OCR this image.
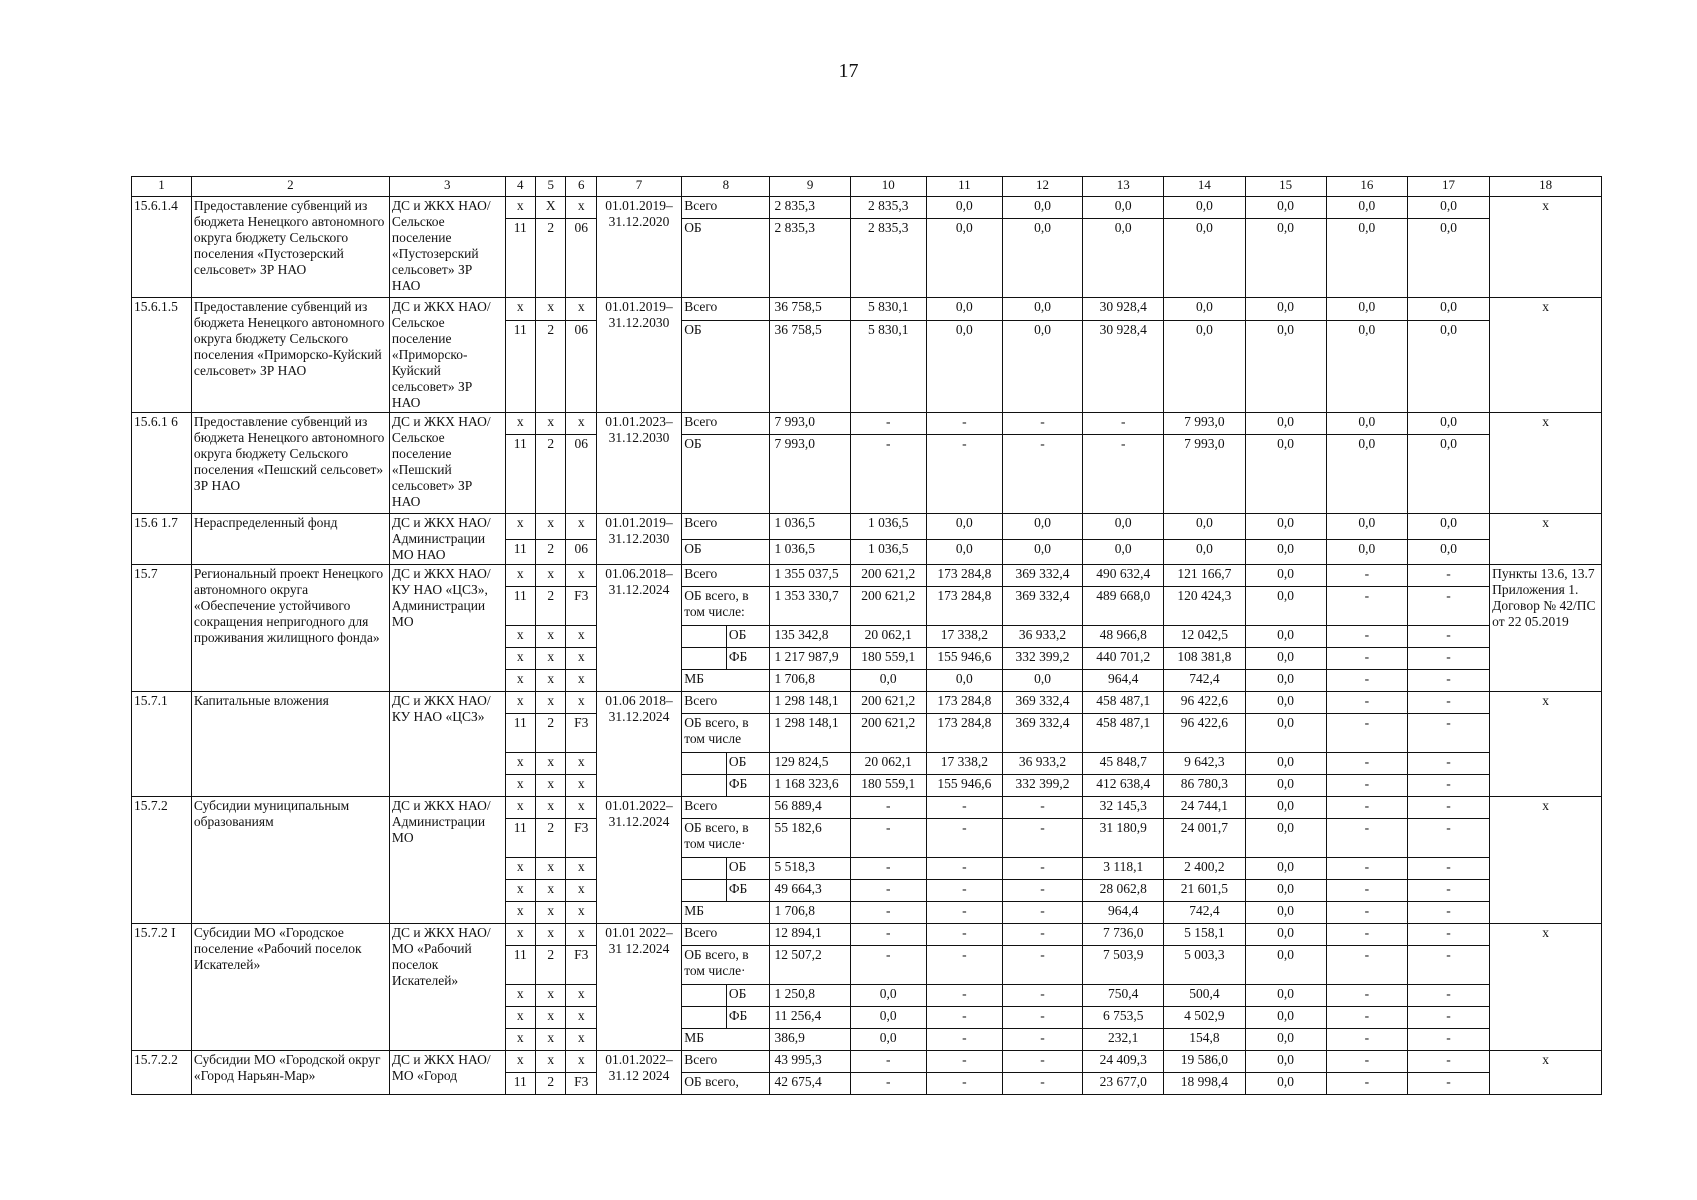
17
1	2	3	4	5	6	7	8		9	10	11	12	13	14	15	16	17	18
15.6.1.4	Предоставление субвенций из бюджета Ненецкого автономного округа бюджету Сельского поселения «Пустозерский сельсовет» ЗР НАО	ДС и ЖКХ НАО/ Сельское поселение «Пустозерский сельсовет» ЗР НАО	x	X	x	01.01.2019– 31.12.2020	Всего		2 835,3	2 835,3	0,0	0,0	0,0	0,0	0,0	0,0	0,0	x
			11	2	06		ОБ		2 835,3	2 835,3	0,0	0,0	0,0	0,0	0,0	0,0	0,0	
15.6.1.5	Предоставление субвенций из бюджета Ненецкого автономного округа бюджету Сельского поселения «Приморско-Куйский сельсовет» ЗР НАО	ДС и ЖКХ НАО/ Сельское поселение «Приморско-Куйский сельсовет» ЗР НАО	x	x	x	01.01.2019– 31.12.2030	Всего		36 758,5	5 830,1	0,0	0,0	30 928,4	0,0	0,0	0,0	0,0	x
			11	2	06		ОБ		36 758,5	5 830,1	0,0	0,0	30 928,4	0,0	0,0	0,0	0,0	
15.6.1 6	Предоставление субвенций из бюджета Ненецкого автономного округа бюджету Сельского поселения «Пешский сельсовет» ЗР НАО	ДС и ЖКХ НАО/ Сельское поселение «Пешский сельсовет» ЗР НАО	x	x	x	01.01.2023– 31.12.2030	Всего		7 993,0	-	-	-	-	7 993,0	0,0	0,0	0,0	x
			11	2	06		ОБ		7 993,0	-	-	-	-	7 993,0	0,0	0,0	0,0	
15.6 1.7	Нераспределенный фонд	ДС и ЖКХ НАО/ Администрации МО НАО	x	x	x	01.01.2019– 31.12.2030	Всего		1 036,5	1 036,5	0,0	0,0	0,0	0,0	0,0	0,0	0,0	x
			11	2	06		ОБ		1 036,5	1 036,5	0,0	0,0	0,0	0,0	0,0	0,0	0,0	
15.7	Региональный проект Ненецкого автономного округа «Обеспечение устойчивого сокращения непригодного для проживания жилищного фонда»	ДС и ЖКХ НАО/ КУ НАО «ЦСЗ», Администрации МО	x	x	x	01.06.2018– 31.12.2024	Всего		1 355 037,5	200 621,2	173 284,8	369 332,4	490 632,4	121 166,7	0,0	-	-	Пункты 13.6, 13.7 Приложения 1. Договор № 42/ПС от 22 05.2019
			11	2	F3		ОБ всего, в том числе:		1 353 330,7	200 621,2	173 284,8	369 332,4	489 668,0	120 424,3	0,0	-	-	
			x	x	x			ОБ	135 342,8	20 062,1	17 338,2	36 933,2	48 966,8	12 042,5	0,0	-	-	
			x	x	x			ФБ	1 217 987,9	180 559,1	155 946,6	332 399,2	440 701,2	108 381,8	0,0	-	-	
			x	x	x		МБ		1 706,8	0,0	0,0	0,0	964,4	742,4	0,0	-	-	
15.7.1	Капитальные вложения	ДС и ЖКХ НАО/ КУ НАО «ЦСЗ»	x	x	x	01.06 2018– 31.12.2024	Всего		1 298 148,1	200 621,2	173 284,8	369 332,4	458 487,1	96 422,6	0,0	-	-	x
			11	2	F3		ОБ всего, в том числе		1 298 148,1	200 621,2	173 284,8	369 332,4	458 487,1	96 422,6	0,0	-	-	
			x	x	x			ОБ	129 824,5	20 062,1	17 338,2	36 933,2	45 848,7	9 642,3	0,0	-	-	
			x	x	x			ФБ	1 168 323,6	180 559,1	155 946,6	332 399,2	412 638,4	86 780,3	0,0	-	-	
15.7.2	Субсидии муниципальным образованиям	ДС и ЖКХ НАО/ Администрации МО	x	x	x	01.01.2022– 31.12.2024	Всего		56 889,4	-	-	-	32 145,3	24 744,1	0,0	-	-	x
			11	2	F3		ОБ всего, в том числе·		55 182,6	-	-	-	31 180,9	24 001,7	0,0	-	-	
			x	x	x			ОБ	5 518,3	-	-	-	3 118,1	2 400,2	0,0	-	-	
			x	x	x			ФБ	49 664,3	-	-	-	28 062,8	21 601,5	0,0	-	-	
			x	x	x		МБ		1 706,8	-	-	-	964,4	742,4	0,0	-	-	
15.7.2 I	Субсидии МО «Городское поселение «Рабочий поселок Искателей»	ДС и ЖКХ НАО/ МО «Рабочий поселок Искателей»	x	x	x	01.01 2022– 31 12.2024	Всего		12 894,1	-	-	-	7 736,0	5 158,1	0,0	-	-	x
			11	2	F3		ОБ всего, в том числе·		12 507,2	-	-	-	7 503,9	5 003,3	0,0	-	-	
			x	x	x			ОБ	1 250,8	0,0	-	-	750,4	500,4	0,0	-	-	
			x	x	x			ФБ	11 256,4	0,0	-	-	6 753,5	4 502,9	0,0	-	-	
			x	x	x		МБ		386,9	0,0	-	-	232,1	154,8	0,0	-	-	
15.7.2.2	Субсидии МО «Городской округ «Город Нарьян-Мар»	ДС и ЖКХ НАО/ МО «Город	x	x	x	01.01.2022– 31.12 2024	Всего		43 995,3	-	-	-	24 409,3	19 586,0	0,0	-	-	x
			11	2	F3		ОБ всего,		42 675,4	-	-	-	23 677,0	18 998,4	0,0	-	-	
